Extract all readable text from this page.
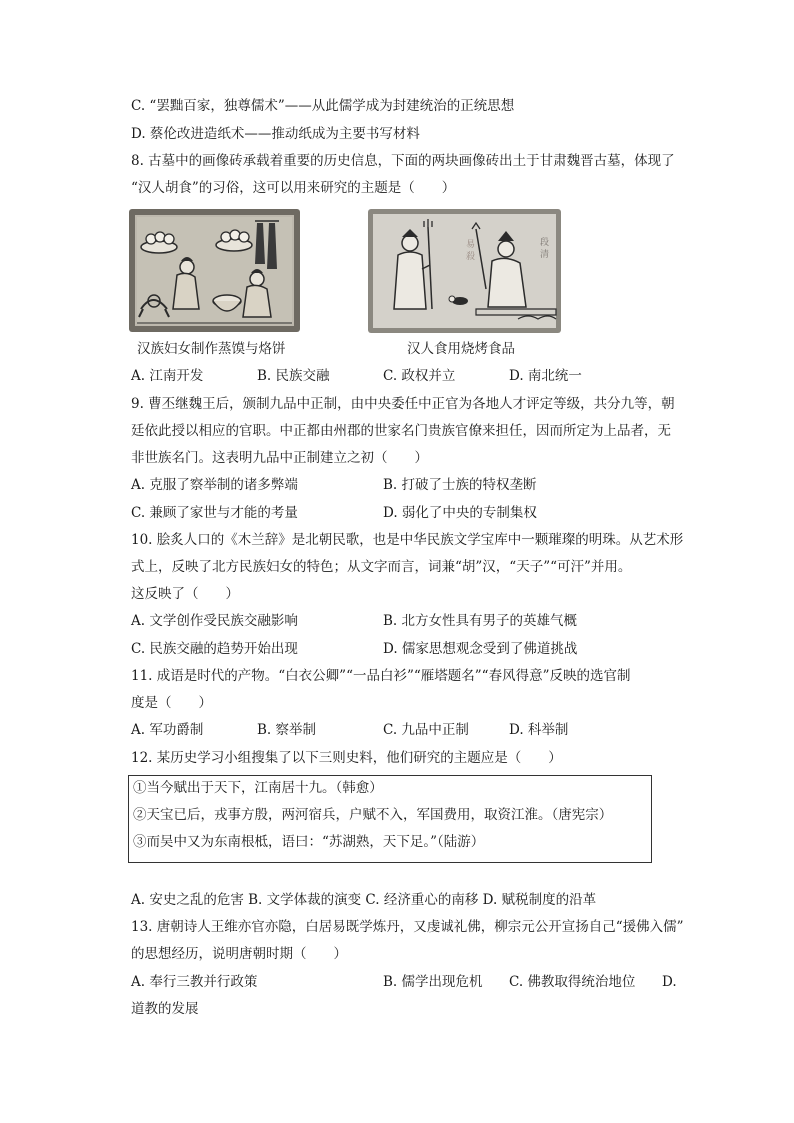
C. “罢黜百家，独尊儒术”——从此儒学成为封建统治的正统思想
D. 蔡伦改进造纸术——推动纸成为主要书写材料
8. 古墓中的画像砖承载着重要的历史信息，下面的两块画像砖出土于甘肃魏晋古墓，体现了
“汉人胡食”的习俗，这可以用来研究的主题是（　　）
易
殺
段
清
汉族妇女制作蒸馍与烙饼	汉人食用烧烤食品
A. 江南开发	B. 民族交融	C. 政权并立	D. 南北统一
9. 曹丕继魏王后，颁制九品中正制，由中央委任中正官为各地人才评定等级，共分九等，朝
廷依此授以相应的官职。中正都由州郡的世家名门贵族官僚来担任，因而所定为上品者，无
非世族名门。这表明九品中正制建立之初（　　）
A. 克服了察举制的诸多弊端	B. 打破了士族的特权垄断
C. 兼顾了家世与才能的考量	D. 弱化了中央的专制集权
10. 脍炙人口的《木兰辞》是北朝民歌，也是中华民族文学宝库中一颗璀璨的明珠。从艺术形
式上，反映了北方民族妇女的特色；从文字而言，词兼“胡”汉，“天子”“可汗”并用。
这反映了（　　）
A. 文学创作受民族交融影响	B. 北方女性具有男子的英雄气概
C. 民族交融的趋势开始出现	D. 儒家思想观念受到了佛道挑战
11. 成语是时代的产物。“白衣公卿”“一品白衫”“雁塔题名”“春风得意”反映的选官制
度是（　　）
A. 军功爵制	B. 察举制	C. 九品中正制	D. 科举制
12. 某历史学习小组搜集了以下三则史料，他们研究的主题应是（　　）
①当今赋出于天下，江南居十九。（韩愈）
②天宝已后，戎事方殷，两河宿兵，户赋不入，军国费用，取资江淮。（唐宪宗）
③而吴中又为东南根柢，语曰：“苏湖熟，天下足。”（陆游）
A. 安史之乱的危害 B. 文学体裁的演变 C. 经济重心的南移 D. 赋税制度的沿革
13. 唐朝诗人王维亦官亦隐，白居易既学炼丹，又虔诚礼佛，柳宗元公开宣扬自己“援佛入儒”
的思想经历，说明唐朝时期（　　）
A. 奉行三教并行政策	B. 儒学出现危机 C. 佛教取得统治地位 D.
道教的发展
